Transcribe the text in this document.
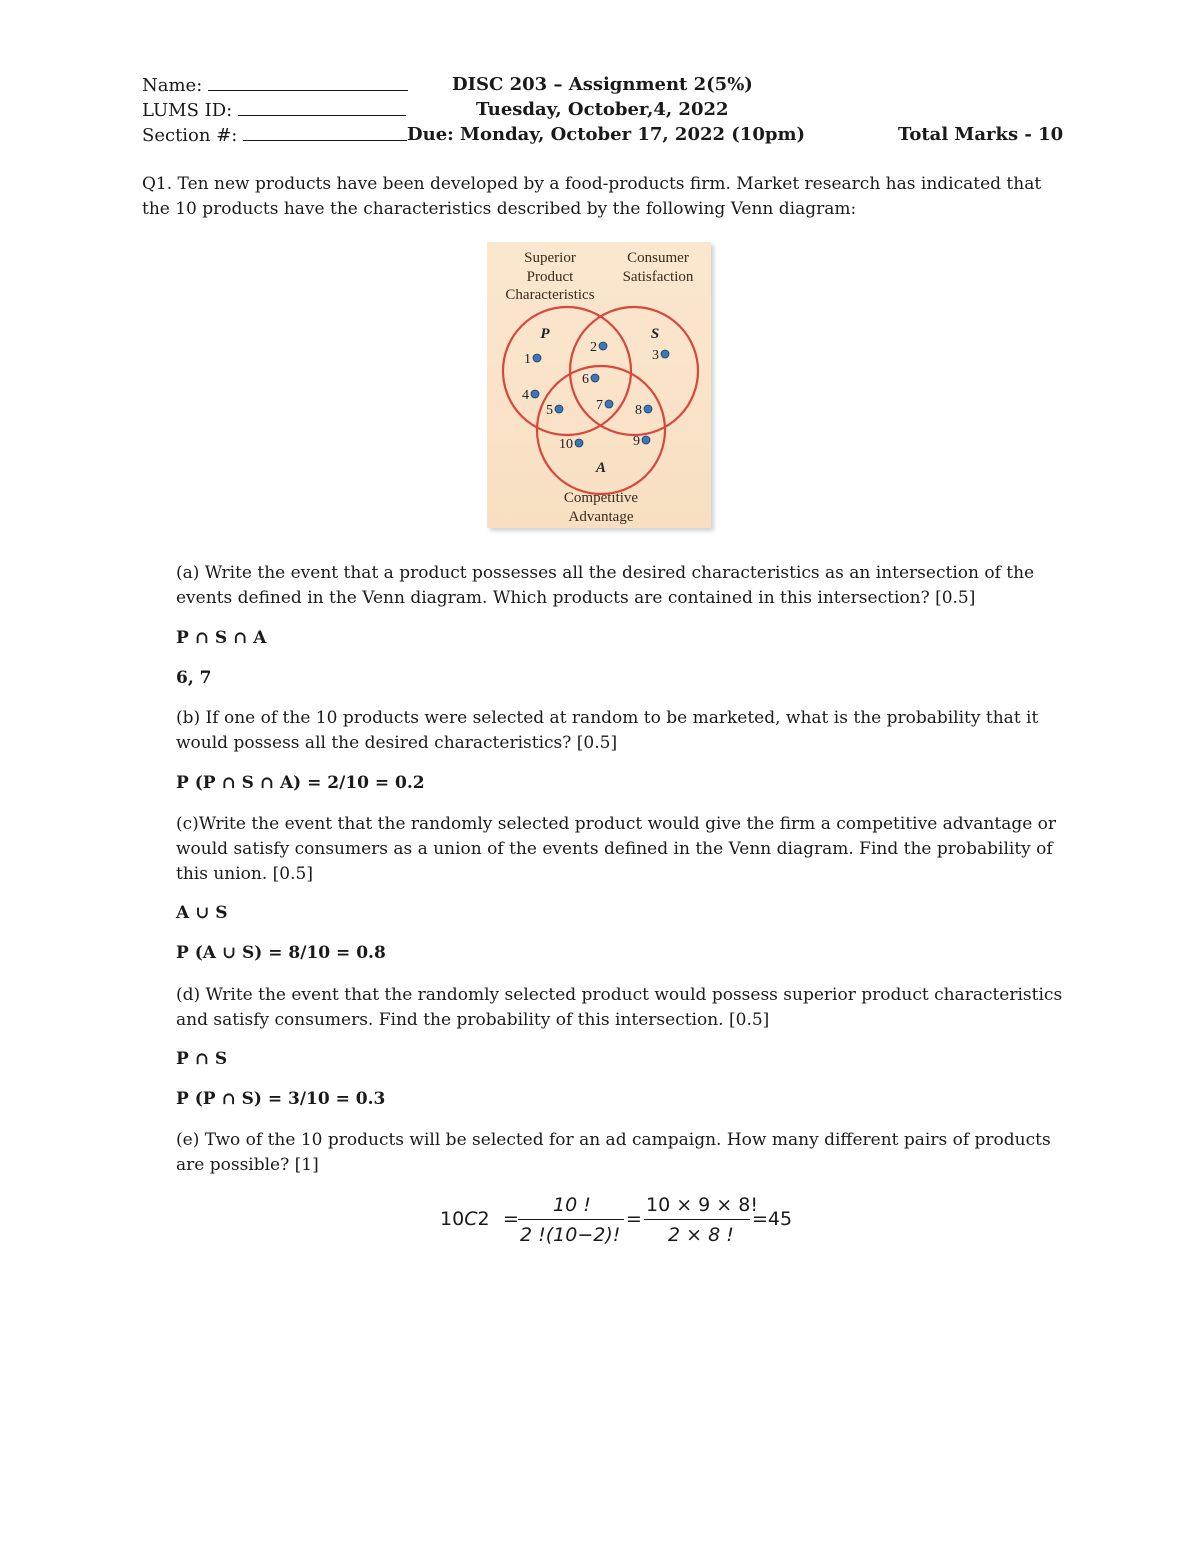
Name:	DISC 203 – Assignment 2(5%)
LUMS ID:	Tuesday, October,4, 2022
Section #:	Due: Monday, October 17, 2022 (10pm)	Total Marks - 10
Q1. Ten new products have been developed by a food-products firm. Market research has indicated that the 10 products have the characteristics described by the following Venn diagram:
Superior
Product
Characteristics
Consumer
Satisfaction
Competitive
Advantage
P	S
A
1
2
3
4
5
6
7 8
9
10
(a) Write the event that a product possesses all the desired characteristics as an intersection of the events defined in the Venn diagram. Which products are contained in this intersection? [0.5]
P ∩ S ∩ A
6, 7
(b) If one of the 10 products were selected at random to be marketed, what is the probability that it would possess all the desired characteristics? [0.5]
P (P ∩ S ∩ A) = 2/10 = 0.2
(c)Write the event that the randomly selected product would give the firm a competitive advantage or would satisfy consumers as a union of the events defined in the Venn diagram. Find the probability of this union. [0.5]
A ∪ S
P (A ∪ S) = 8/10 = 0.8
(d) Write the event that the randomly selected product would possess superior product characteristics and satisfy consumers. Find the probability of this intersection. [0.5]
P ∩ S
P (P ∩ S) = 3/10 = 0.3
(e) Two of the 10 products will be selected for an ad campaign. How many different pairs of products are possible? [1]
10C2 =
10 !
2 !(10−2)!
=
10 × 9 × 8!
2 × 8 !
=45
